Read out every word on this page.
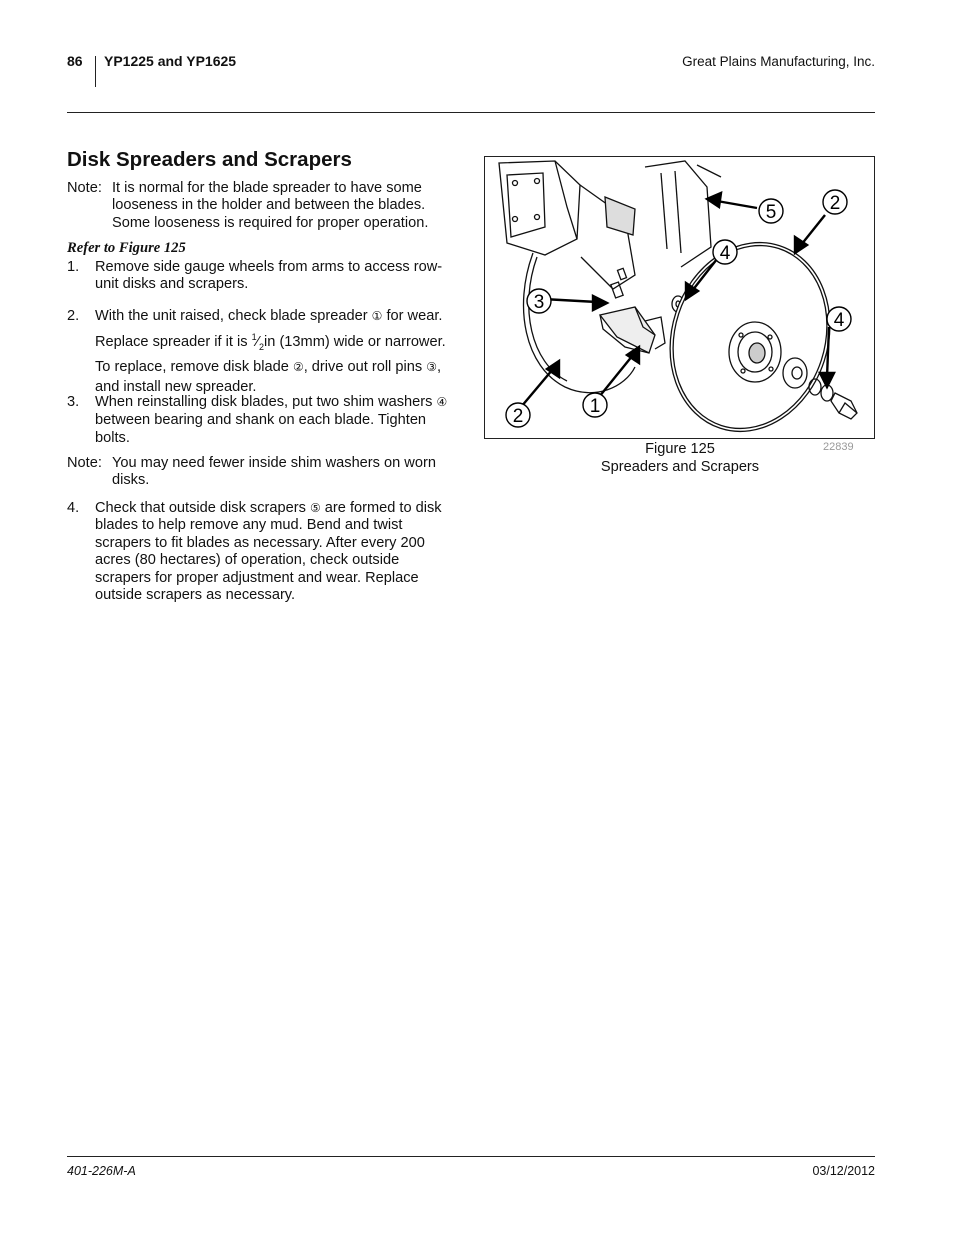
86 YP1225 and YP1625	Great Plains Manufacturing, Inc.
Disk Spreaders and Scrapers
Note: It is normal for the blade spreader to have some looseness in the holder and between the blades. Some looseness is required for proper operation.
Refer to Figure 125
1.	Remove side gauge wheels from arms to access row-unit disks and scrapers.
2.	With the unit raised, check blade spreader ① for wear. Replace spreader if it is $^1⁄_2in$ (13mm) wide or narrower. To replace, remove disk blade ②, drive out roll pins ③, and install new spreader.
3.	When reinstalling disk blades, put two shim washers ④ between bearing and shank on each blade. Tighten bolts.
Note: You may need fewer inside shim washers on worn disks.
4.	Check that outside disk scrapers ⑤ are formed to disk blades to help remove any mud. Bend and twist scrapers to fit blades as necessary. After every 200 acres (80 hectares) of operation, check outside scrapers for proper adjustment and wear. Replace outside scrapers as necessary.
5	2
4
3
4
2	1
Figure 125
Spreaders and Scrapers
22839
401-226M-A	03/12/2012
